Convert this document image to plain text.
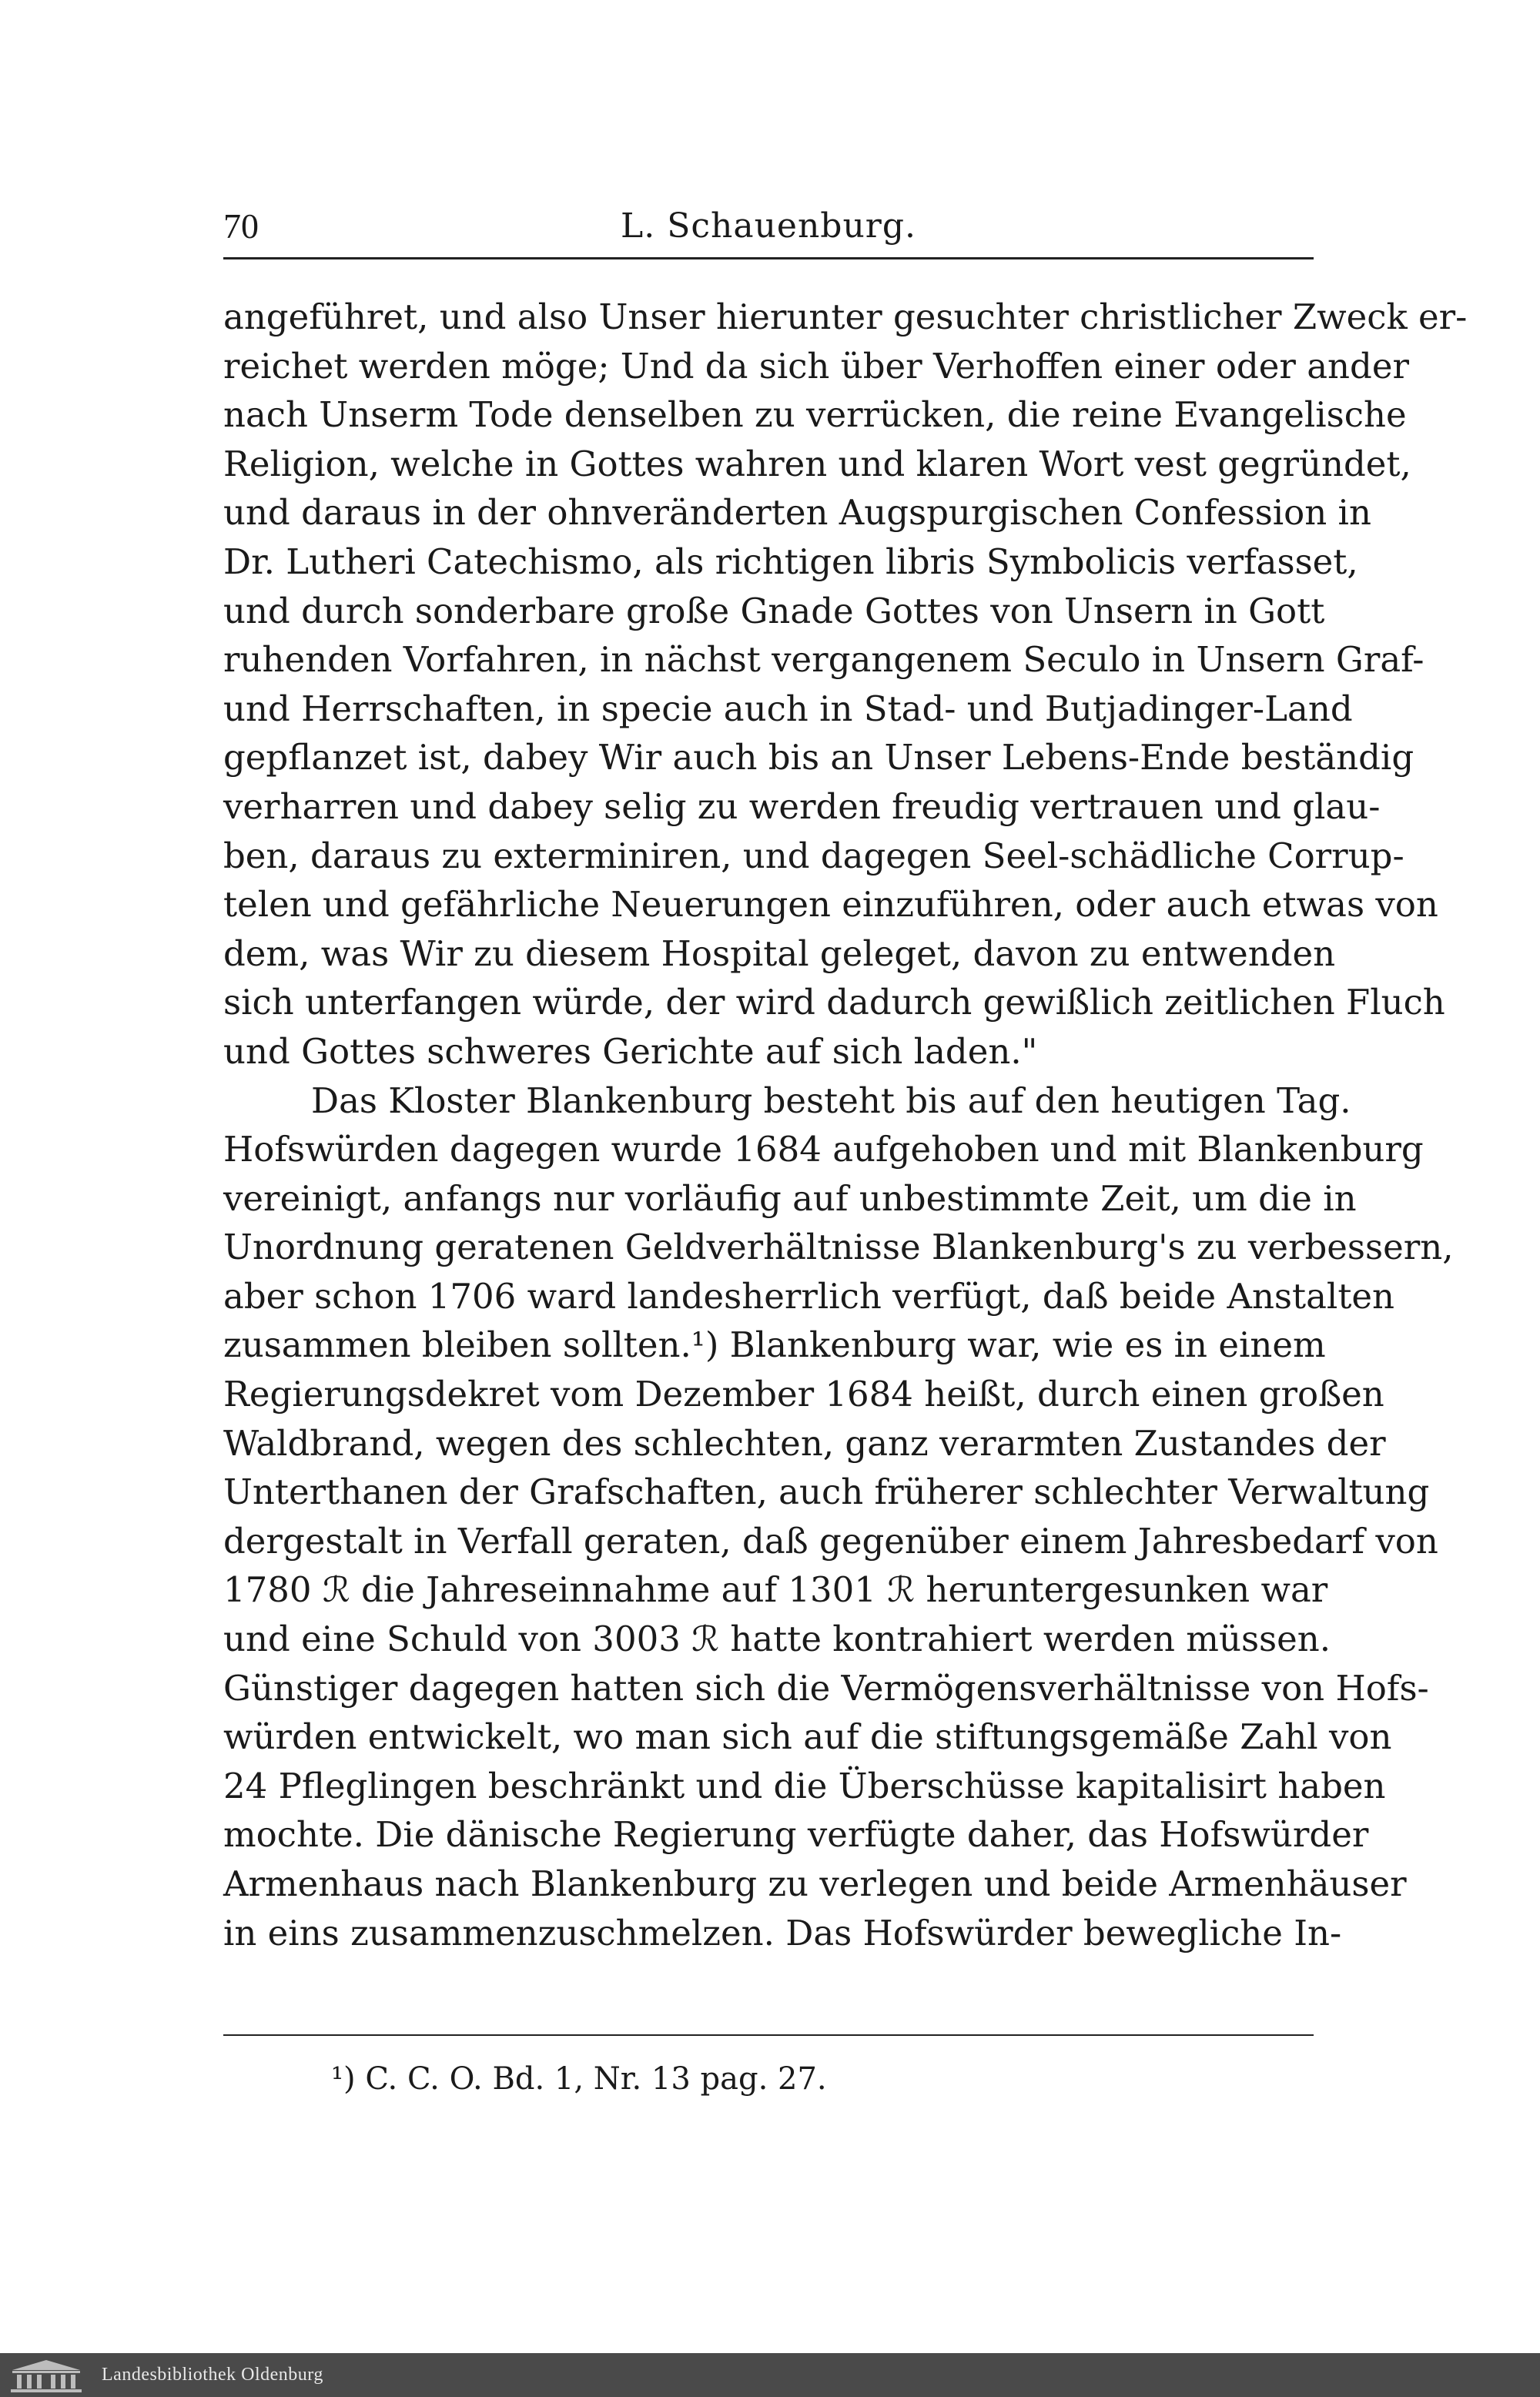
70	L. Schauenburg.
angeführet, und also Unser hierunter gesuchter christlicher Zweck er-
reichet werden möge; Und da sich über Verhoffen einer oder ander
nach Unserm Tode denselben zu verrücken, die reine Evangelische
Religion, welche in Gottes wahren und klaren Wort vest gegründet,
und daraus in der ohnveränderten Augspurgischen Confession in
Dr. Lutheri Catechismo, als richtigen libris Symbolicis verfasset,
und durch sonderbare große Gnade Gottes von Unsern in Gott
ruhenden Vorfahren, in nächst vergangenem Seculo in Unsern Graf-
und Herrschaften, in specie auch in Stad- und Butjadinger-Land
gepflanzet ist, dabey Wir auch bis an Unser Lebens-Ende beständig
verharren und dabey selig zu werden freudig vertrauen und glau-
ben, daraus zu exterminiren, und dagegen Seel-schädliche Corrup-
telen und gefährliche Neuerungen einzuführen, oder auch etwas von
dem, was Wir zu diesem Hospital geleget, davon zu entwenden
sich unterfangen würde, der wird dadurch gewißlich zeitlichen Fluch
und Gottes schweres Gerichte auf sich laden."
Das Kloster Blankenburg besteht bis auf den heutigen Tag.
Hofswürden dagegen wurde 1684 aufgehoben und mit Blankenburg
vereinigt, anfangs nur vorläufig auf unbestimmte Zeit, um die in
Unordnung geratenen Geldverhältnisse Blankenburg's zu verbessern,
aber schon 1706 ward landesherrlich verfügt, daß beide Anstalten
zusammen bleiben sollten.¹) Blankenburg war, wie es in einem
Regierungsdekret vom Dezember 1684 heißt, durch einen großen
Waldbrand, wegen des schlechten, ganz verarmten Zustandes der
Unterthanen der Grafschaften, auch früherer schlechter Verwaltung
dergestalt in Verfall geraten, daß gegenüber einem Jahresbedarf von
1780 ℛ die Jahreseinnahme auf 1301 ℛ heruntergesunken war
und eine Schuld von 3003 ℛ hatte kontrahiert werden müssen.
Günstiger dagegen hatten sich die Vermögensverhältnisse von Hofs-
würden entwickelt, wo man sich auf die stiftungsgemäße Zahl von
24 Pfleglingen beschränkt und die Überschüsse kapitalisirt haben
mochte. Die dänische Regierung verfügte daher, das Hofswürder
Armenhaus nach Blankenburg zu verlegen und beide Armenhäuser
in eins zusammenzuschmelzen. Das Hofswürder bewegliche In-
¹) C. C. O. Bd. 1, Nr. 13 pag. 27.
Landesbibliothek Oldenburg
